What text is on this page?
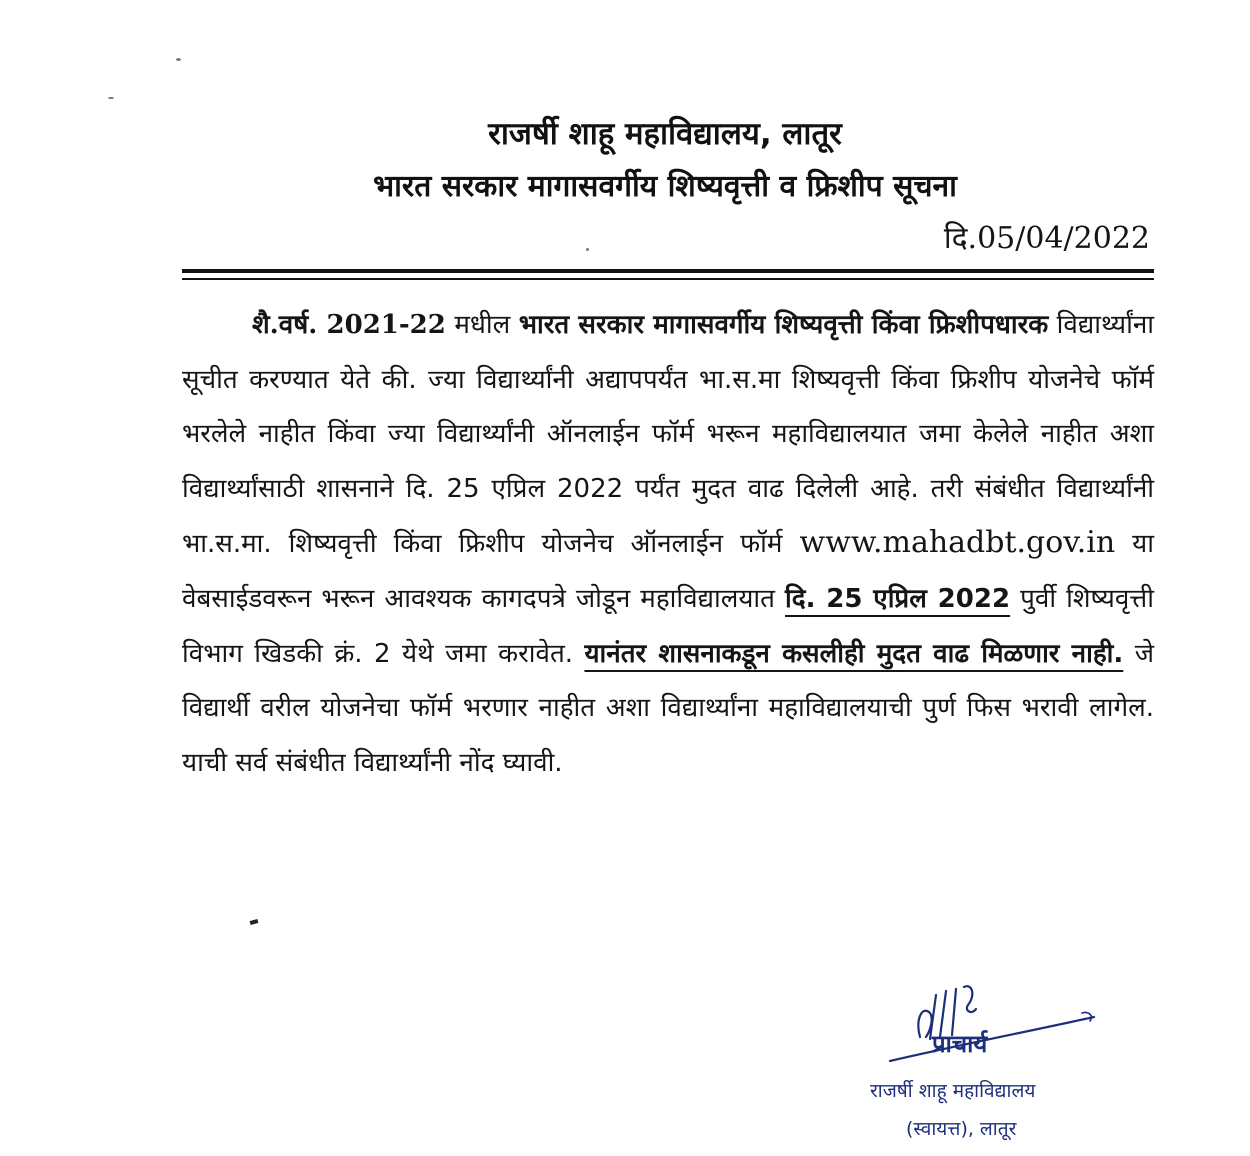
राजर्षी शाहू महाविद्यालय, लातूर
भारत सरकार मागासवर्गीय शिष्यवृत्ती व फ्रिशीप सूचना
दि.05/04/2022
शै.वर्ष. 2021-22 मधील भारत सरकार मागासवर्गीय शिष्यवृत्ती किंवा फ्रिशीपधारक विद्यार्थ्यांना सूचीत करण्यात येते की. ज्या विद्यार्थ्यांनी अद्यापपर्यंत भा.स.मा शिष्यवृत्ती किंवा फ्रिशीप योजनेचे फॉर्म भरलेले नाहीत किंवा ज्या विद्यार्थ्यांनी ऑनलाईन फॉर्म भरून महाविद्यालयात जमा केलेले नाहीत अशा विद्यार्थ्यांसाठी शासनाने दि. 25 एप्रिल 2022 पर्यंत मुदत वाढ दिलेली आहे. तरी संबंधीत विद्यार्थ्यांनी भा.स.मा. शिष्यवृत्ती किंवा फ्रिशीप योजनेच ऑनलाईन फॉर्म www.mahadbt.gov.in या वेबसाईडवरून भरून आवश्यक कागदपत्रे जोडून महाविद्यालयात दि. 25 एप्रिल 2022 पुर्वी शिष्यवृत्ती विभाग खिडकी क्रं. 2 येथे जमा करावेत. यानंतर शासनाकडून कसलीही मुदत वाढ मिळणार नाही. जे विद्यार्थी वरील योजनेचा फॉर्म भरणार नाहीत अशा विद्यार्थ्यांना महाविद्यालयाची पुर्ण फिस भरावी लागेल. याची सर्व संबंधीत विद्यार्थ्यांनी नोंद घ्यावी.
प्राचार्य
राजर्षी शाहू महाविद्यालय
(स्वायत्त), लातूर
